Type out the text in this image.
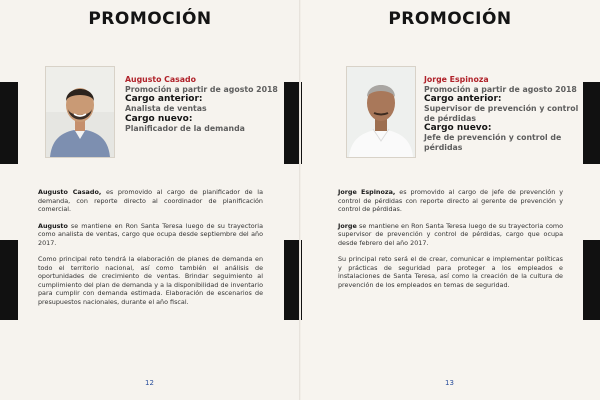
PROMOCIÓN
Augusto Casado
Promoción a partir de agosto 2018
Cargo anterior:
Analista de ventas
Cargo nuevo:
Planificador de la demanda

Augusto Casado, es promovido al cargo de planificador de la demanda, con reporte directo al coordinador de planificación comercial.

Augusto se mantiene en Ron Santa Teresa luego de su trayectoria como analista de ventas, cargo que ocupa desde septiembre del año 2017.

Como principal reto tendrá la elaboración de planes de demanda en todo el territorio nacional, así como también el análisis de oportunidades de crecimiento de ventas. Brindar seguimiento al cumplimiento del plan de demanda y a la disponibilidad de inventario para cumplir con demanda estimada. Elaboración de escenarios de presupuestos nacionales, durante el año fiscal.

12
PROMOCIÓN
Jorge Espinoza
Promoción a partir de agosto 2018
Cargo anterior:
Supervisor de prevención y control de pérdidas
Cargo nuevo:
Jefe de prevención y control de pérdidas

Jorge Espinoza, es promovido al cargo de jefe de prevención y control de pérdidas con reporte directo al gerente de prevención y control de pérdidas.

Jorge se mantiene en Ron Santa Teresa luego de su trayectoria como supervisor de prevención y control de pérdidas, cargo que ocupa desde febrero del año 2017.

Su principal reto será el de crear, comunicar e implementar políticas y prácticas de seguridad para proteger a los empleados e instalaciones de Santa Teresa, así como la creación de la cultura de prevención de los empleados en temas de seguridad.

13
